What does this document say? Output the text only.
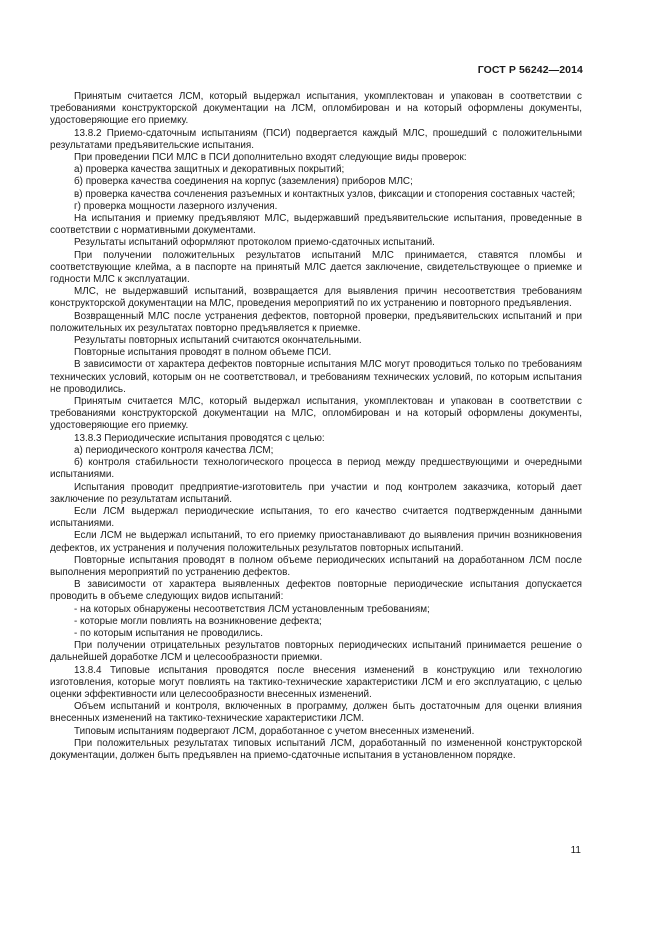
ГОСТ Р 56242—2014

Принятым считается ЛСМ, который выдержал испытания, укомплектован и упакован в соответствии с требованиями конструкторской документации на ЛСМ, опломбирован и на который оформлены документы, удостоверяющие его приемку.

13.8.2 Приемо-сдаточным испытаниям (ПСИ) подвергается каждый МЛС, прошедший с положительными результатами предъявительские испытания.

При проведении ПСИ МЛС в ПСИ дополнительно входят следующие виды проверок:

а) проверка качества защитных и декоративных покрытий;

б) проверка качества соединения на корпус (заземления) приборов МЛС;

в) проверка качества сочленения разъемных и контактных узлов, фиксации и стопорения составных частей;

г) проверка мощности лазерного излучения.

На испытания и приемку предъявляют МЛС, выдержавший предъявительские испытания, проведенные в соответствии с нормативными документами.

Результаты испытаний оформляют протоколом приемо-сдаточных испытаний.

При получении положительных результатов испытаний МЛС принимается, ставятся пломбы и соответствующие клейма, а в паспорте на принятый МЛС дается заключение, свидетельствующее о приемке и годности МЛС к эксплуатации.

МЛС, не выдержавший испытаний, возвращается для выявления причин несоответствия требованиям конструкторской документации на МЛС, проведения мероприятий по их устранению и повторного предъявления.

Возвращенный МЛС после устранения дефектов, повторной проверки, предъявительских испытаний и при положительных их результатах повторно предъявляется к приемке.

Результаты повторных испытаний считаются окончательными.

Повторные испытания проводят в полном объеме ПСИ.

В зависимости от характера дефектов повторные испытания МЛС могут проводиться только по требованиям технических условий, которым он не соответствовал, и требованиям технических условий, по которым испытания не проводились.

Принятым считается МЛС, который выдержал испытания, укомплектован и упакован в соответствии с требованиями конструкторской документации на МЛС, опломбирован и на который оформлены документы, удостоверяющие его приемку.

13.8.3 Периодические испытания проводятся с целью:

а) периодического контроля качества ЛСМ;

б) контроля стабильности технологического процесса в период между предшествующими и очередными испытаниями.

Испытания проводит предприятие-изготовитель при участии и под контролем заказчика, который дает заключение по результатам испытаний.

Если ЛСМ выдержал периодические испытания, то его качество считается подтвержденным данными испытаниями.

Если ЛСМ не выдержал испытаний, то его приемку приостанавливают до выявления причин возникновения дефектов, их устранения и получения положительных результатов повторных испытаний.

Повторные испытания проводят в полном объеме периодических испытаний на доработанном ЛСМ после выполнения мероприятий по устранению дефектов.

В зависимости от характера выявленных дефектов повторные периодические испытания допускается проводить в объеме следующих видов испытаний:

- на которых обнаружены несоответствия ЛСМ установленным требованиям;

- которые могли повлиять на возникновение дефекта;

- по которым испытания не проводились.

При получении отрицательных результатов повторных периодических испытаний принимается решение о дальнейшей доработке ЛСМ и целесообразности приемки.

13.8.4 Типовые испытания проводятся после внесения изменений в конструкцию или технологию изготовления, которые могут повлиять на тактико-технические характеристики ЛСМ и его эксплуатацию, с целью оценки эффективности или целесообразности внесенных изменений.

Объем испытаний и контроля, включенных в программу, должен быть достаточным для оценки влияния внесенных изменений на тактико-технические характеристики ЛСМ.

Типовым испытаниям подвергают ЛСМ, доработанное с учетом внесенных изменений.

При положительных результатах типовых испытаний ЛСМ, доработанный по измененной конструкторской документации, должен быть предъявлен на приемо-сдаточные испытания в установленном порядке.

11
